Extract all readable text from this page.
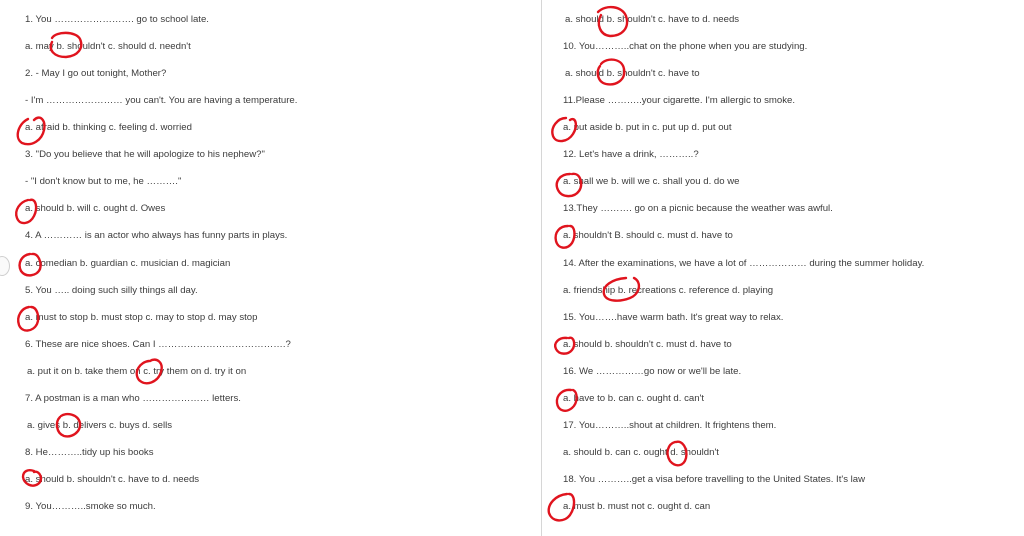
1. You ……………………. go to school late.
a. may b. shouldn't c. should d. needn't
2. - May I go out tonight, Mother?
- I'm …………………… you can't. You are having a temperature.
a. afraid b. thinking c. feeling d. worried
3. "Do you believe that he will apologize to his nephew?"
- "I don't know but to me, he ………."
a. should b. will c. ought d. Owes
4. A ………… is an actor who always has funny parts in plays.
a. comedian b. guardian c. musician d. magician
5. You ….. doing such silly things all day.
a. must to stop b. must stop c. may to stop d. may stop
6. These are nice shoes. Can I ………………………………….?
a. put it on b. take them on c. try them on d. try it on
7. A postman is a man who ………………… letters.
a. gives b. delivers c. buys d. sells
8. He………..tidy up his books
a. should b. shouldn't c. have to d. needs
9. You………..smoke so much.
a. should b. shouldn't c. have to d. needs
10. You………..chat on the phone when you are studying.
a. should b. shouldn't c. have to
11.Please ………..your cigarette. I'm allergic to smoke.
a. put aside b. put in c. put up d. put out
12. Let's have a drink, ………..?
a. shall we b. will we c. shall you d. do we
13.They ………. go on a picnic because the weather was awful.
a. shouldn't B. should c. must d. have to
14. After the examinations, we have a lot of ……………… during the summer holiday.
a. friendship b. recreations c. reference d. playing
15. You…….have warm bath. It's great way to relax.
a. should b. shouldn't c. must d. have to
16. We ……………go now or we'll be late.
a. have to b. can c. ought d. can't
17. You………..shout at children. It frightens them.
a. should b. can c. ought d. shouldn't
18. You ………..get a visa before travelling to the United States. It's law
a. must b. must not c. ought d. can
